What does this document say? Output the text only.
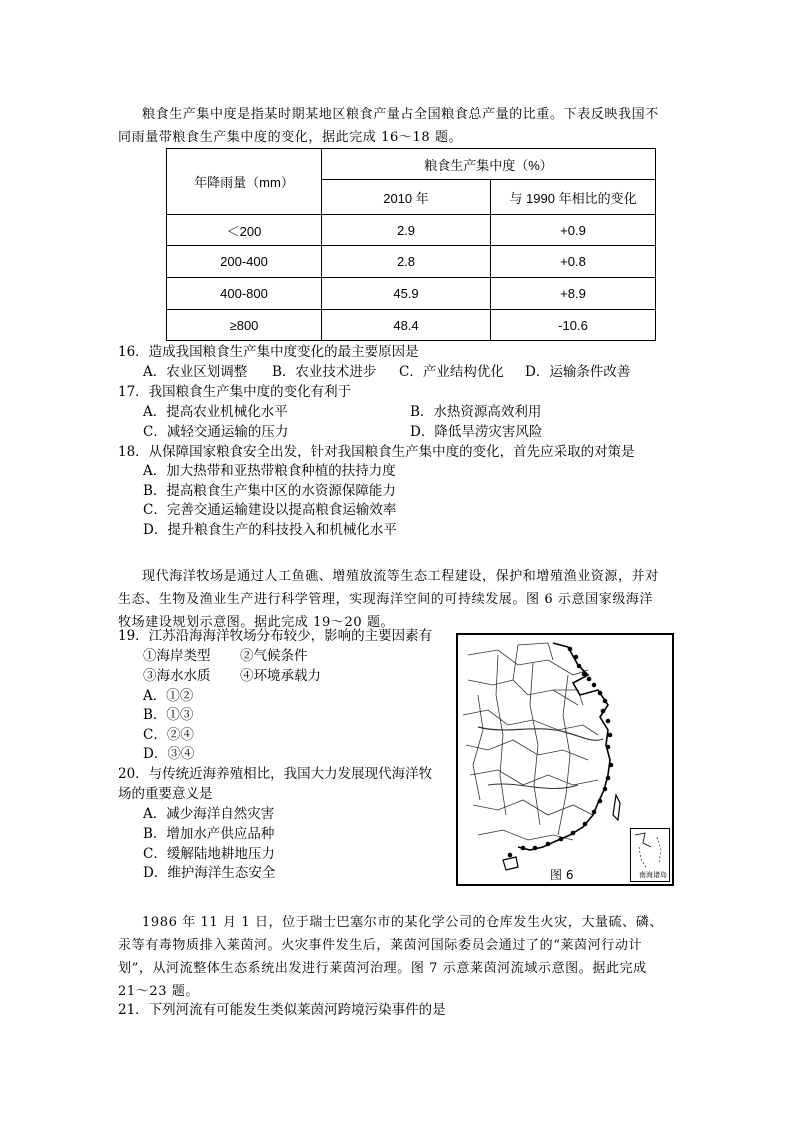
粮食生产集中度是指某时期某地区粮食产量占全国粮食总产量的比重。下表反映我国不
同雨量带粮食生产集中度的变化，据此完成 16～18 题。
年降雨量（mm）	粮食生产集中度（%）	
	2010 年	与 1990 年相比的变化
＜200	2.9	+0.9
200-400	2.8	+0.8
400-800	45.9	+8.9
≥800	48.4	-10.6
16．造成我国粮食生产集中度变化的最主要原因是
A．农业区划调整 B．农业技术进步 C．产业结构优化 D．运输条件改善
17．我国粮食生产集中度的变化有利于
A．提高农业机械化水平	B．水热资源高效利用
C．减轻交通运输的压力	D．降低旱涝灾害风险
18．从保障国家粮食安全出发，针对我国粮食生产集中度的变化，首先应采取的对策是
A．加大热带和亚热带粮食种植的扶持力度
B．提高粮食生产集中区的水资源保障能力
C．完善交通运输建设以提高粮食运输效率
D．提升粮食生产的科技投入和机械化水平
现代海洋牧场是通过人工鱼礁、增殖放流等生态工程建设，保护和增殖渔业资源，并对
生态、生物及渔业生产进行科学管理，实现海洋空间的可持续发展。图 6 示意国家级海洋
牧场建设规划示意图。据此完成 19～20 题。
19．江苏沿海海洋牧场分布较少，影响的主要因素有
①海岸类型 ②气候条件
③海水水质 ④环境承载力
A．①②
B．①③
C．②④
D．③④
20．与传统近海养殖相比，我国大力发展现代海洋牧
场的重要意义是
A．减少海洋自然灾害
B．增加水产供应品种
C．缓解陆地耕地压力
D．维护海洋生态安全	南海诸岛
图 6
1986 年 11 月 1 日，位于瑞士巴塞尔市的某化学公司的仓库发生火灾，大量硫、磷、
汞等有毒物质排入莱茵河。火灾事件发生后，莱茵河国际委员会通过了的“莱茵河行动计
划”，从河流整体生态系统出发进行莱茵河治理。图 7 示意莱茵河流域示意图。据此完成
21～23 题。
21．下列河流有可能发生类似莱茵河跨境污染事件的是
